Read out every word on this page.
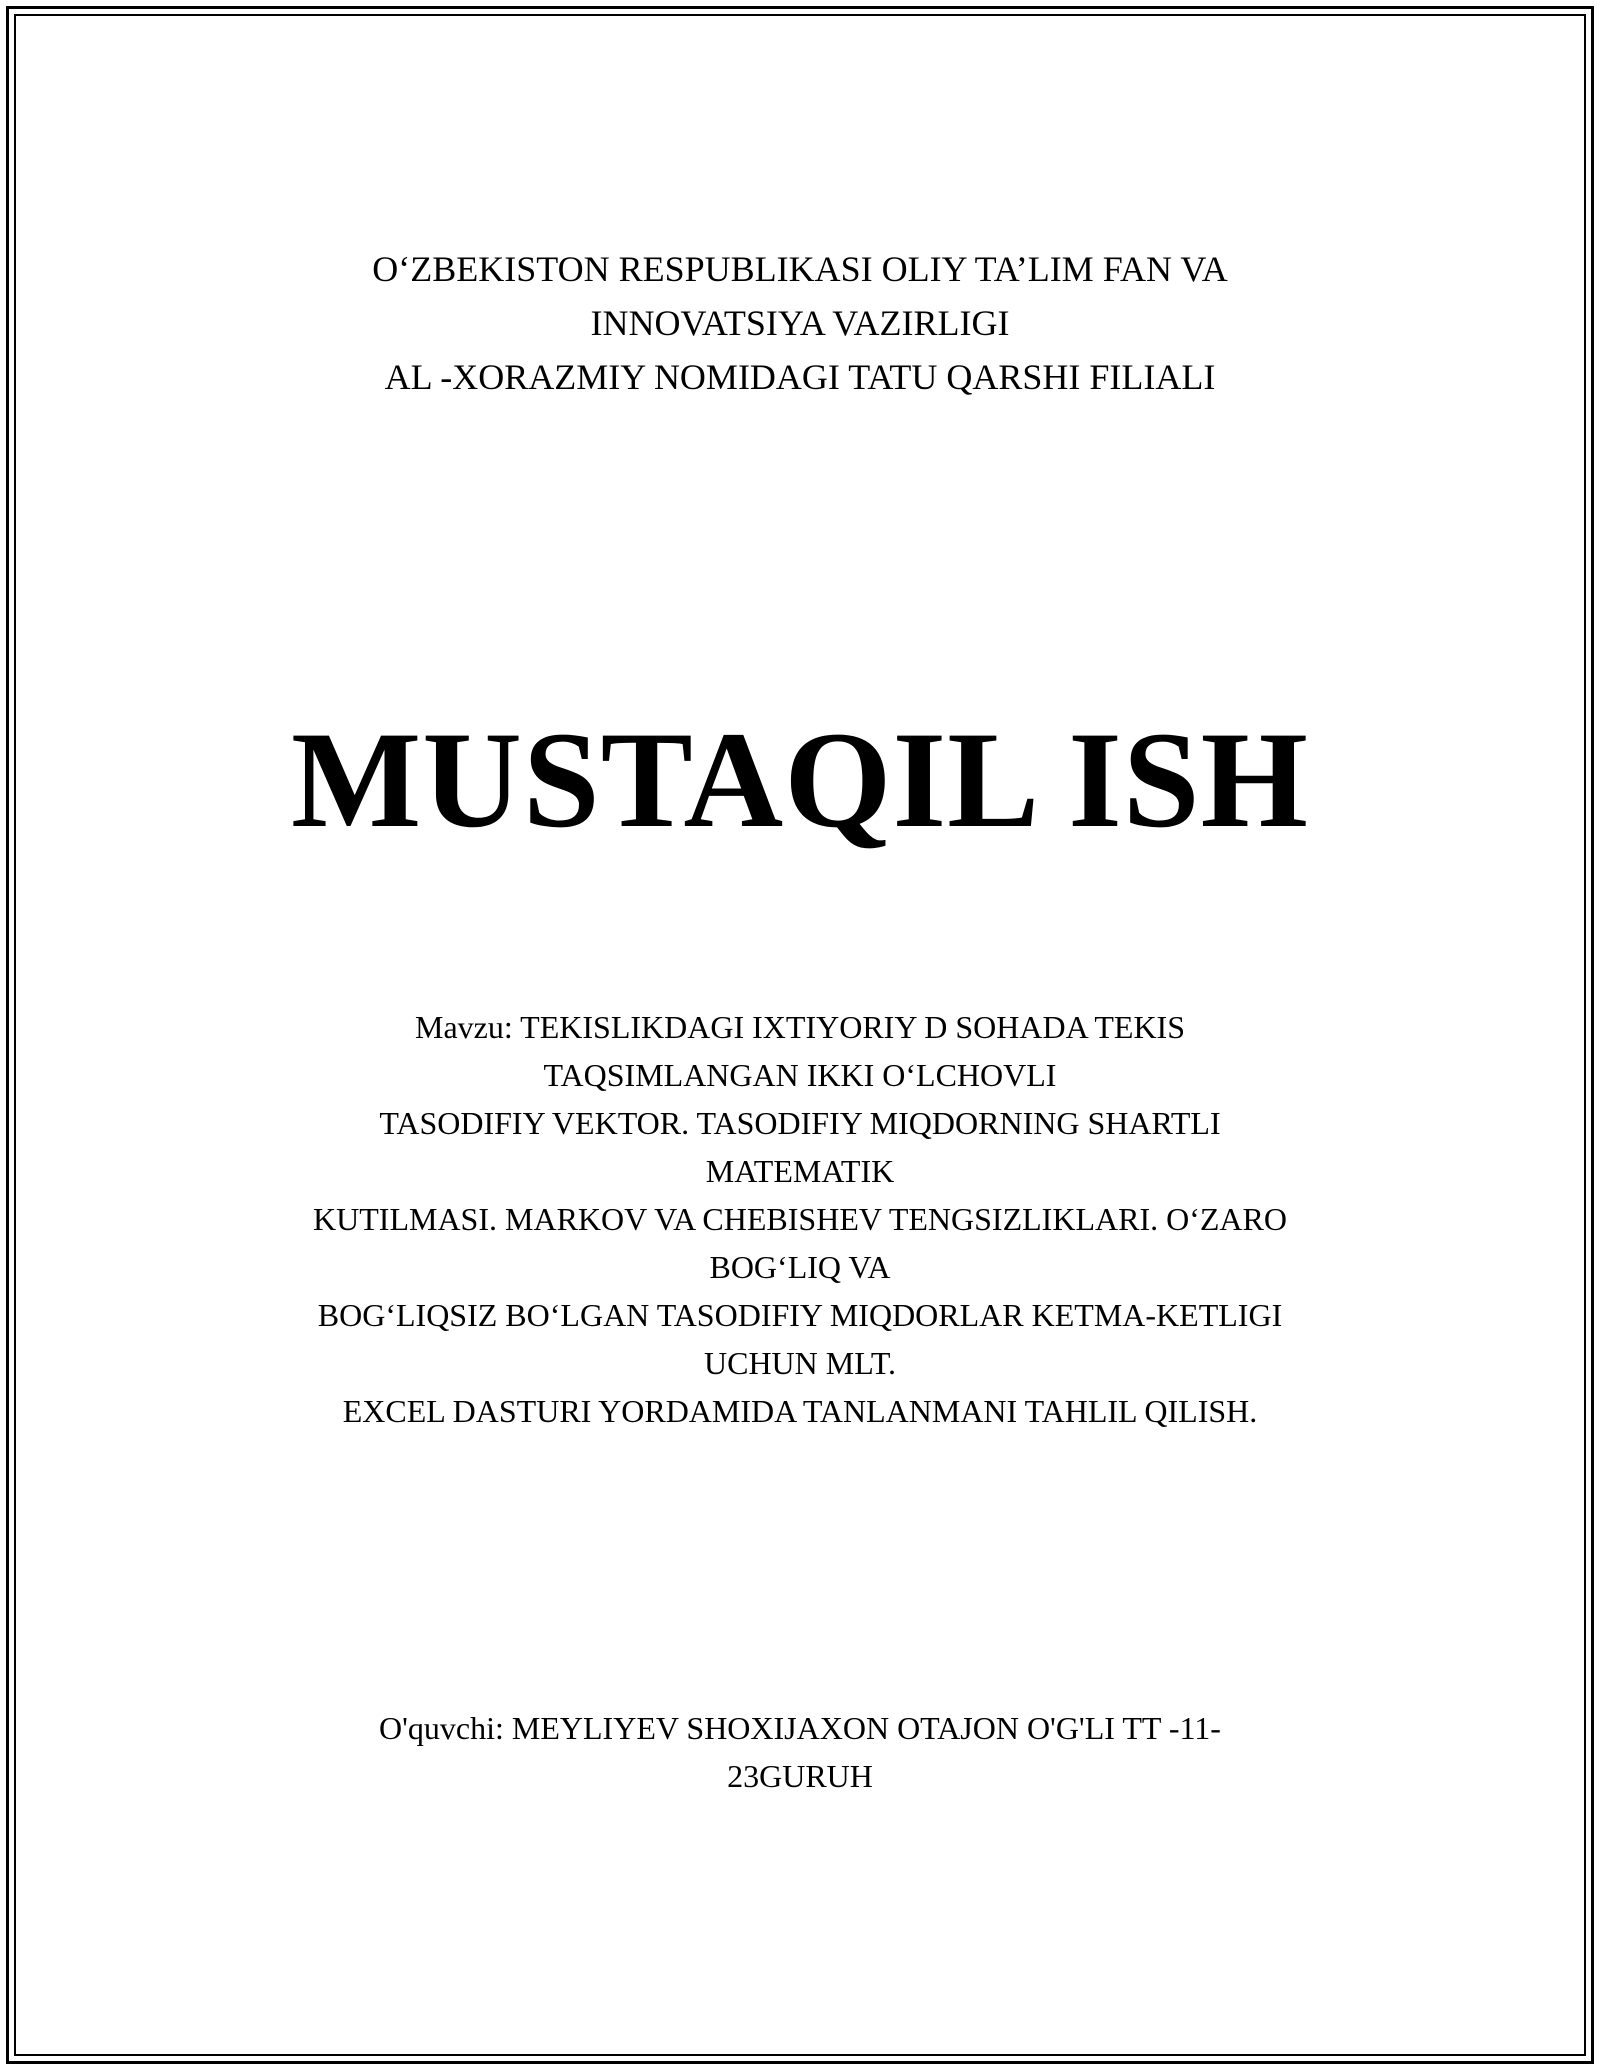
O‘ZBEKISTON RESPUBLIKASI OLIY TA’LIM FAN VA
INNOVATSIYA VAZIRLIGI
AL -XORAZMIY NOMIDAGI TATU QARSHI FILIALI
MUSTAQIL ISH
Mavzu: TEKISLIKDAGI IXTIYORIY D SOHADA TEKIS
TAQSIMLANGAN IKKI O‘LCHOVLI
TASODIFIY VEKTOR. TASODIFIY MIQDORNING SHARTLI
MATEMATIK
KUTILMASI. MARKOV VA CHEBISHEV TENGSIZLIKLARI. O‘ZARO
BOG‘LIQ VA
BOG‘LIQSIZ BO‘LGAN TASODIFIY MIQDORLAR KETMA-KETLIGI
UCHUN MLT.
EXCEL DASTURI YORDAMIDA TANLANMANI TAHLIL QILISH.
O'quvchi: MEYLIYEV SHOXIJAXON OTAJON O'G'LI TT -11-
23GURUH
